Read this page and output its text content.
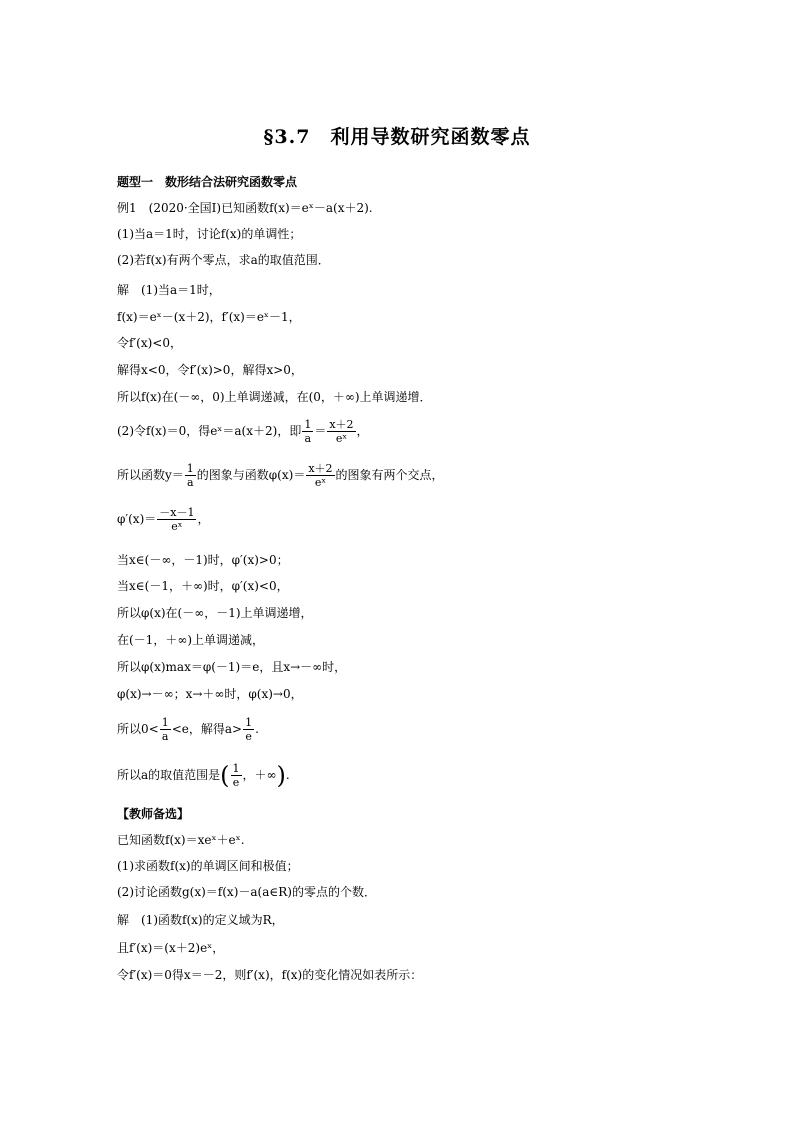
§3.7　利用导数研究函数零点
题型一　数形结合法研究函数零点
例1　(2020·全国Ⅰ)已知函数f(x)＝eˣ－a(x＋2).
(1)当a＝1时，讨论f(x)的单调性；
(2)若f(x)有两个零点，求a的取值范围．
解　(1)当a＝1时，
f(x)＝eˣ－(x＋2)，f′(x)＝eˣ－1，
令f′(x)<0，
解得x<0，令f′(x)>0，解得x>0，
所以f(x)在(－∞，0)上单调递减，在(0，＋∞)上单调递增．
(2)令f(x)＝0，得eˣ＝a(x＋2)，即 $\frac{1}{a} = \frac{x+2}{\text{eˣ}}$ ，
所以函数$y= \frac{1}{a}$ 的图象与函数$\varphi(x)= \frac{x+2}{\text{eˣ}}$ 的图象有两个交点，
$\varphi'(x)= \frac{-x-1}{\text{eˣ}}$ ，
当x∈(－∞，－1)时，φ′(x)>0；
当x∈(－1，＋∞)时，φ′(x)<0，
所以φ(x)在(－∞，－1)上单调递增，
在(－1，＋∞)上单调递减，
所以φ(x)max＝φ(－1)＝e，且x→－∞时，
φ(x)→－∞；x→＋∞时，φ(x)→0，
所以$0< \frac{1}{a} <e$，解得$a> \frac{1}{e}$ .
所以a的取值范围是( $\frac{1}{e}$ ，＋∞).
【教师备选】
已知函数f(x)＝xeˣ＋eˣ.
(1)求函数f(x)的单调区间和极值；
(2)讨论函数g(x)＝f(x)－a(a∈R)的零点的个数．
解　(1)函数f(x)的定义域为R，
且f′(x)＝(x＋2)eˣ，
令f′(x)＝0得x＝－2，则f′(x)，f(x)的变化情况如表所示：
